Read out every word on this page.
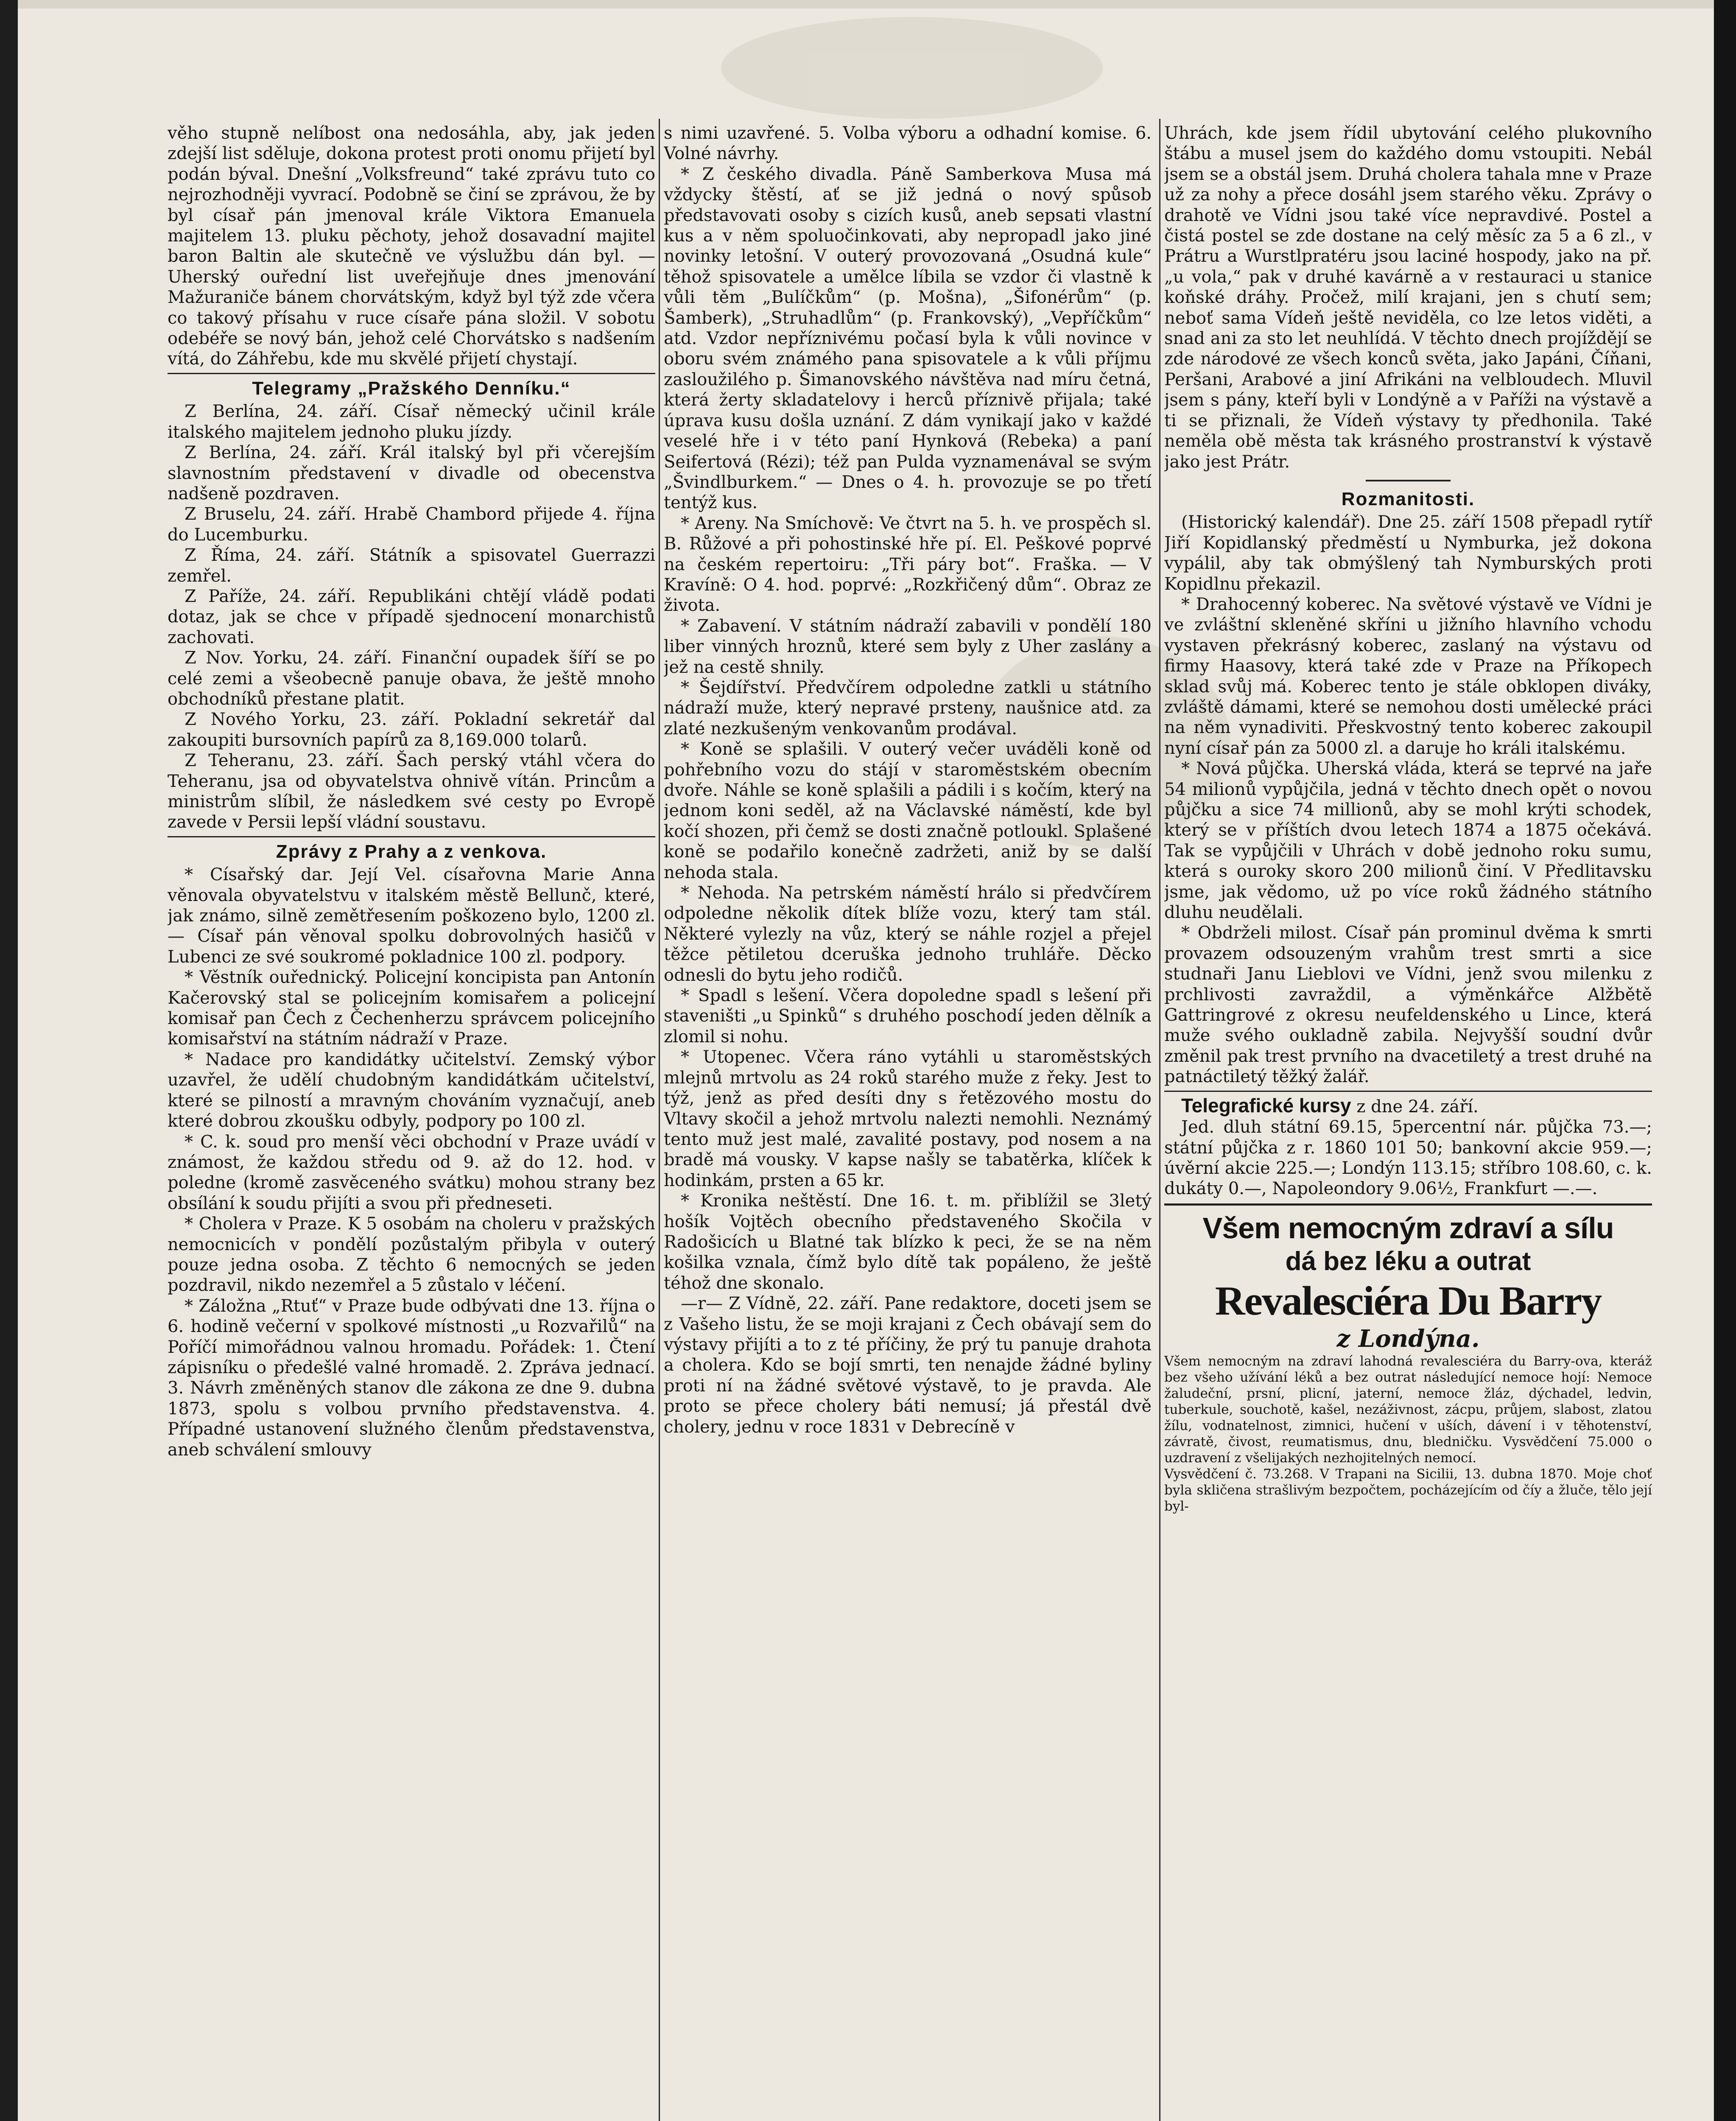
věho stupně nelíbost ona nedosáhla, aby, jak jeden zdejší list sděluje, dokona protest proti onomu přijetí byl podán býval. Dnešní „Volksfreund“ také zprávu tuto co nejrozhodněji vyvrací. Podobně se činí se zprávou, že by byl císař pán jmenoval krále Viktora Emanuela majitelem 13. pluku pěchoty, jehož dosavadní majitel baron Baltin ale skutečně ve výslužbu dán byl. — Uherský ouřední list uveřejňuje dnes jmenování Mažuraniče bánem chorvátským, když byl týž zde včera co takový přísahu v ruce císaře pána složil. V sobotu odebéře se nový bán, jehož celé Chorvátsko s nadšením vítá, do Záhřebu, kde mu skvělé přijetí chystají.

Telegramy „Pražského Denníku.“

Z Berlína, 24. září. Císař německý učinil krále italského majitelem jednoho pluku jízdy.

Z Berlína, 24. září. Král italský byl při včerejším slavnostním představení v divadle od obecenstva nadšeně pozdraven.

Z Bruselu, 24. září. Hrabě Chambord přijede 4. října do Lucemburku.

Z Říma, 24. září. Státník a spisovatel Guerrazzi zemřel.

Z Paříže, 24. září. Republikáni chtějí vládě podati dotaz, jak se chce v případě sjednocení monarchistů zachovati.

Z Nov. Yorku, 24. září. Finanční oupadek šíří se po celé zemi a všeobecně panuje obava, že ještě mnoho obchodníků přestane platit.

Z Nového Yorku, 23. září. Pokladní sekretář dal zakoupiti bursovních papírů za 8,169.000 tolarů.

Z Teheranu, 23. září. Šach perský vtáhl včera do Teheranu, jsa od obyvatelstva ohnivě vítán. Princům a ministrům slíbil, že následkem své cesty po Evropě zavede v Persii lepší vládní soustavu.

Zprávy z Prahy a z venkova.

* Císařský dar. Její Vel. císařovna Marie Anna věnovala obyvatelstvu v italském městě Bellunč, které, jak známo, silně zemětřesením poškozeno bylo, 1200 zl. — Císař pán věnoval spolku dobrovolných hasičů v Lubenci ze své soukromé pokladnice 100 zl. podpory.

* Věstník ouřednický. Policejní koncipista pan Antonín Kačerovský stal se policejním komisařem a policejní komisař pan Čech z Čechenherzu správcem policejního komisařství na státním nádraží v Praze.

* Nadace pro kandidátky učitelství. Zemský výbor uzavřel, že udělí chudobným kandidátkám učitelství, které se pilností a mravným chováním vyznačují, aneb které dobrou zkoušku odbyly, podpory po 100 zl.

* C. k. soud pro menší věci obchodní v Praze uvádí v známost, že každou středu od 9. až do 12. hod. v poledne (kromě zasvěceného svátku) mohou strany bez obsílání k soudu přijíti a svou při předneseti.

* Cholera v Praze. K 5 osobám na choleru v pražských nemocnicích v pondělí pozůstalým přibyla v outerý pouze jedna osoba. Z těchto 6 nemocných se jeden pozdravil, nikdo nezemřel a 5 zůstalo v léčení.

* Záložna „Rtuť“ v Praze bude odbývati dne 13. října o 6. hodině večerní v spolkové místnosti „u Rozvařilů“ na Poříčí mimořádnou valnou hromadu. Pořádek: 1. Čtení zápisníku o předešlé valné hromadě. 2. Zpráva jednací. 3. Návrh změněných stanov dle zákona ze dne 9. dubna 1873, spolu s volbou prvního představenstva. 4. Případné ustanovení služného členům představenstva, aneb schválení smlouvy

s nimi uzavřené. 5. Volba výboru a odhadní komise. 6. Volné návrhy.

* Z českého divadla. Páně Samberkova Musa má vždycky štěstí, ať se již jedná o nový spůsob představovati osoby s cizích kusů, aneb sepsati vlastní kus a v něm spoluočinkovati, aby nepropadl jako jiné novinky letošní. V outerý provozovaná „Osudná kule“ těhož spisovatele a umělce líbila se vzdor či vlastně k vůli těm „Bulíčkům“ (p. Mošna), „Šifonérům“ (p. Šamberk), „Struhadlům“ (p. Frankovský), „Vepříčkům“ atd. Vzdor nepříznivému počasí byla k vůli novince v oboru svém známého pana spisovatele a k vůli příjmu zasloužilého p. Šimanovského návštěva nad míru četná, která žerty skladatelovy i herců příznivě přijala; také úprava kusu došla uznání. Z dám vynikají jako v každé veselé hře i v této paní Hynková (Rebeka) a paní Seifertová (Rézi); též pan Pulda vyznamenával se svým „Švindlburkem.“ — Dnes o 4. h. provozuje se po třetí tentýž kus.

* Areny. Na Smíchově: Ve čtvrt na 5. h. ve prospěch sl. B. Růžové a při pohostinské hře pí. El. Peškové poprvé na českém repertoiru: „Tři páry bot“. Fraška. — V Kravíně: O 4. hod. poprvé: „Rozkřičený dům“. Obraz ze života.

* Zabavení. V státním nádraží zabavili v pondělí 180 liber vinných hroznů, které sem byly z Uher zaslány a jež na cestě shnily.

* Šejdířství. Předvčírem odpoledne zatkli u státního nádraží muže, který nepravé prsteny, naušnice atd. za zlaté nezkušeným venkovanům prodával.

* Koně se splašili. V outerý večer uváděli koně od pohřebního vozu do stájí v staroměstském obecním dvoře. Náhle se koně splašili a pádili i s kočím, který na jednom koni seděl, až na Václavské náměstí, kde byl kočí shozen, při čemž se dosti značně potloukl. Splašené koně se podařilo konečně zadržeti, aniž by se další nehoda stala.

* Nehoda. Na petrském náměstí hrálo si předvčírem odpoledne několik dítek blíže vozu, který tam stál. Některé vylezly na vůz, který se náhle rozjel a přejel těžce pětiletou dceruška jednoho truhláře. Děcko odnesli do bytu jeho rodičů.

* Spadl s lešení. Včera dopoledne spadl s lešení při staveništi „u Spinků“ s druhého poschodí jeden dělník a zlomil si nohu.

* Utopenec. Včera ráno vytáhli u staroměstských mlejnů mrtvolu as 24 roků starého muže z řeky. Jest to týž, jenž as před desíti dny s řetězového mostu do Vltavy skočil a jehož mrtvolu nalezti nemohli. Neznámý tento muž jest malé, zavalité postavy, pod nosem a na bradě má vousky. V kapse našly se tabatěrka, klíček k hodinkám, prsten a 65 kr.

* Kronika neštěstí. Dne 16. t. m. přiblížil se 3letý hošík Vojtěch obecního představeného Skočila v Radošicích u Blatné tak blízko k peci, že se na něm košilka vznala, čímž bylo dítě tak popáleno, že ještě téhož dne skonalo.

—r— Z Vídně, 22. září. Pane redaktore, doceti jsem se z Vašeho listu, že se moji krajani z Čech obávají sem do výstavy přijíti a to z té příčiny, že prý tu panuje drahota a cholera. Kdo se bojí smrti, ten nenajde žádné byliny proti ní na žádné světové výstavě, to je pravda. Ale proto se přece cholery báti nemusí; já přestál dvě cholery, jednu v roce 1831 v Debrecíně v

Uhrách, kde jsem řídil ubytování celého plukovního štábu a musel jsem do každého domu vstoupiti. Nebál jsem se a obstál jsem. Druhá cholera tahala mne v Praze už za nohy a přece dosáhl jsem starého věku. Zprávy o drahotě ve Vídni jsou také více nepravdivé. Postel a čistá postel se zde dostane na celý měsíc za 5 a 6 zl., v Prátru a Wurstlpratéru jsou laciné hospody, jako na př. „u vola,“ pak v druhé kavárně a v restauraci u stanice koňské dráhy. Pročež, milí krajani, jen s chutí sem; neboť sama Vídeň ještě neviděla, co lze letos viděti, a snad ani za sto let neuhlídá. V těchto dnech projíždějí se zde národové ze všech konců světa, jako Japáni, Číňani, Peršani, Arabové a jiní Afrikáni na velbloudech. Mluvil jsem s pány, kteří byli v Londýně a v Paříži na výstavě a ti se přiznali, že Vídeň výstavy ty předhonila. Také neměla obě města tak krásného prostranství k výstavě jako jest Prátr.

Rozmanitosti.

(Historický kalendář). Dne 25. září 1508 přepadl rytíř Jiří Kopidlanský předměstí u Nymburka, jež dokona vypálil, aby tak obmýšlený tah Nymburských proti Kopidlnu překazil.

* Drahocenný koberec. Na světové výstavě ve Vídni je ve zvláštní skleněné skříni u jižního hlavního vchodu vystaven překrásný koberec, zaslaný na výstavu od firmy Haasovy, která také zde v Praze na Příkopech sklad svůj má. Koberec tento je stále obklopen diváky, zvláště dámami, které se nemohou dosti umělecké práci na něm vynadiviti. Přeskvostný tento koberec zakoupil nyní císař pán za 5000 zl. a daruje ho králi italskému.

* Nová půjčka. Uherská vláda, která se teprvé na jaře 54 milionů vypůjčila, jedná v těchto dnech opět o novou půjčku a sice 74 millionů, aby se mohl krýti schodek, který se v příštích dvou letech 1874 a 1875 očekává. Tak se vypůjčili v Uhrách v době jednoho roku sumu, která s ouroky skoro 200 milionů činí. V Předlitavsku jsme, jak vědomo, už po více roků žádného státního dluhu neudělali.

* Obdrželi milost. Císař pán prominul dvěma k smrti provazem odsouzeným vrahům trest smrti a sice studnaři Janu Lieblovi ve Vídni, jenž svou milenku z prchlivosti zavraždil, a výměnkářce Alžbětě Gattringrové z okresu neufeldenského u Lince, která muže svého oukladně zabila. Nejvyšší soudní dvůr změnil pak trest prvního na dvacetiletý a trest druhé na patnáctiletý těžký žalář.

Telegrafické kursy z dne 24. září.

Jed. dluh státní 69.15, 5percentní nár. půjčka 73.—; státní půjčka z r. 1860 101 50; bankovní akcie 959.—; úvěrní akcie 225.—; Londýn 113.15; stříbro 108.60, c. k. dukáty 0.—, Napoleondory 9.06½, Frankfurt —.—.

Všem nemocným zdraví a sílu
dá bez léku a outrat
Revalesciéra Du Barry
z Londýna.

Všem nemocným na zdraví lahodná revalesciéra du Barry-ova, kteráž bez všeho užívání léků a bez outrat následující nemoce hojí: Nemoce žaludeční, prsní, plicní, jaterní, nemoce žláz, dýchadel, ledvin, tuberkule, souchotě, kašel, nezáživnost, zácpu, průjem, slabost, zlatou žílu, vodnatelnost, zimnici, hučení v uších, dávení i v těhotenství, závratě, čivost, reumatismus, dnu, bledničku. Vysvědčení 75.000 o uzdravení z všelijakých nezhojitelných nemocí.

Vysvědčení č. 73.268. V Trapani na Sicilii, 13. dubna 1870. Moje choť byla skličena strašlivým bezpočtem, pocházejícím od číy a žluče, tělo její byl-
